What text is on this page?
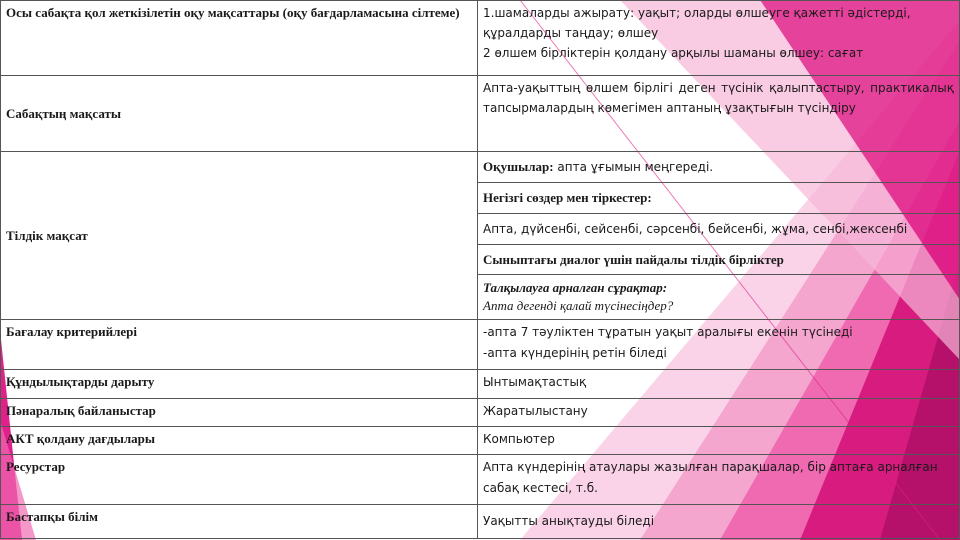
Осы сабақта қол жеткізілетін оқу мақсаттары (оқу бағдарламасына сілтеме)	1.шамаларды ажырату: уақыт; оларды өлшеуге қажетті әдістерді, құралдарды таңдау; өлшеу
2 өлшем бірліктерін қолдану арқылы шаманы өлшеу: сағат

Сабақтың мақсаты	Апта-уақыттың өлшем бірлігі деген түсінік қалыптастыру, практикалық тапсырмалардың көмегімен аптаның ұзақтығын түсіндіру
Тілдік мақсат	Оқушылар: апта ұғымын меңгереді.
	Негізгі сөздер мен тіркестер:
	Апта, дүйсенбі, сейсенбі, сәрсенбі, бейсенбі, жұма, сенбі,жексенбі
	Сыныптағы диалог үшін пайдалы тілдік бірліктер

	Талқылауға арналған сұрақтар:
Апта дегенді қалай түсінесіңдер?

Бағалау критерийлері	-апта 7 тәуліктен тұратын уақыт аралығы екенін түсінеді
-апта күндерінің ретін біледі

Құндылықтарды дарыту	Ынтымақтастық
Пәнаралық байланыстар	Жаратылыстану
АКТ қолдану дағдылары	Компьютер
Ресурстар	Апта күндерінің атаулары жазылған парақшалар, бір аптаға арналған сабақ кестесі, т.б.
Бастапқы білім	Уақытты анықтауды біледі
